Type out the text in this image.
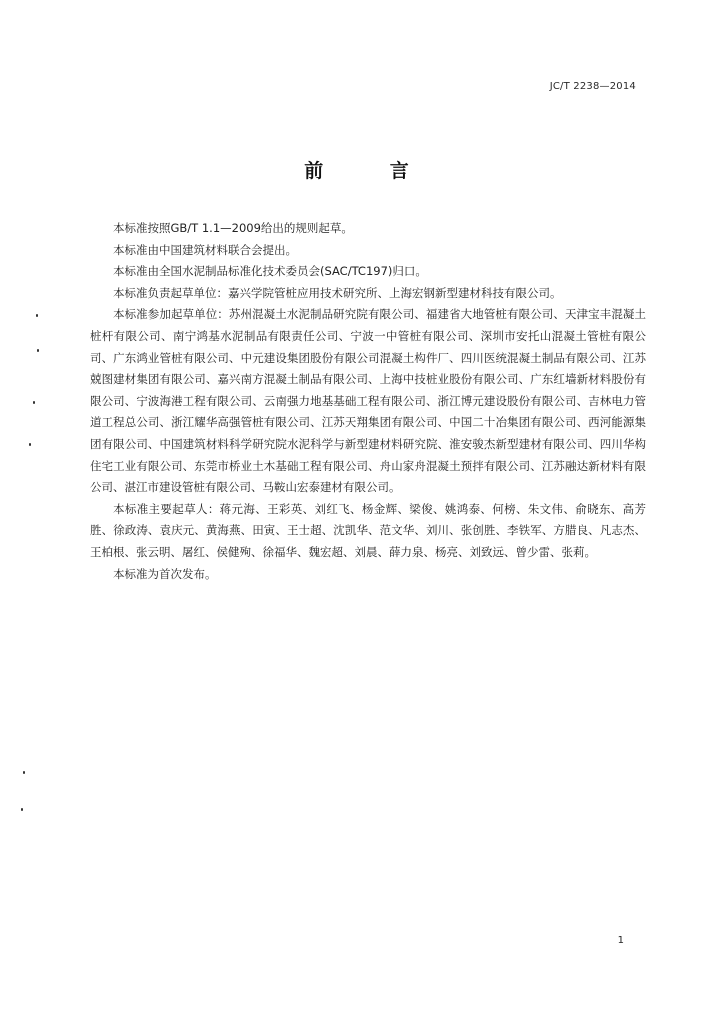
JC/T 2238—2014
前 言

本标准按照GB/T 1.1—2009给出的规则起草。

本标准由中国建筑材料联合会提出。

本标准由全国水泥制品标准化技术委员会(SAC/TC197)归口。

本标准负责起草单位：嘉兴学院管桩应用技术研究所、上海宏钢新型建材科技有限公司。

本标准参加起草单位：苏州混凝土水泥制品研究院有限公司、福建省大地管桩有限公司、天津宝丰混凝土桩杆有限公司、南宁鸿基水泥制品有限责任公司、宁波一中管桩有限公司、深圳市安托山混凝土管桩有限公司、广东鸿业管桩有限公司、中元建设集团股份有限公司混凝土构件厂、四川医统混凝土制品有限公司、江苏兢图建材集团有限公司、嘉兴南方混凝土制品有限公司、上海中技桩业股份有限公司、广东红墙新材料股份有限公司、宁波海港工程有限公司、云南强力地基基础工程有限公司、浙江博元建设股份有限公司、吉林电力管道工程总公司、浙江耀华高强管桩有限公司、江苏天翔集团有限公司、中国二十冶集团有限公司、西河能源集团有限公司、中国建筑材料科学研究院水泥科学与新型建材料研究院、淮安骏杰新型建材有限公司、四川华构住宅工业有限公司、东莞市桥业土木基础工程有限公司、舟山家舟混凝土预拌有限公司、江苏融达新材料有限公司、湛江市建设管桩有限公司、马鞍山宏泰建材有限公司。

本标准主要起草人：蒋元海、王彩英、刘红飞、杨金辉、梁俊、姚鸿泰、何榜、朱文伟、俞晓东、高芳胜、徐政涛、袁庆元、黄海燕、田寅、王士超、沈凯华、范文华、刘川、张创胜、李铁军、方腊良、凡志杰、王柏根、张云明、屠红、侯健殉、徐福华、魏宏超、刘晨、薛力泉、杨亮、刘致远、曾少雷、张莉。

本标准为首次发布。

1
